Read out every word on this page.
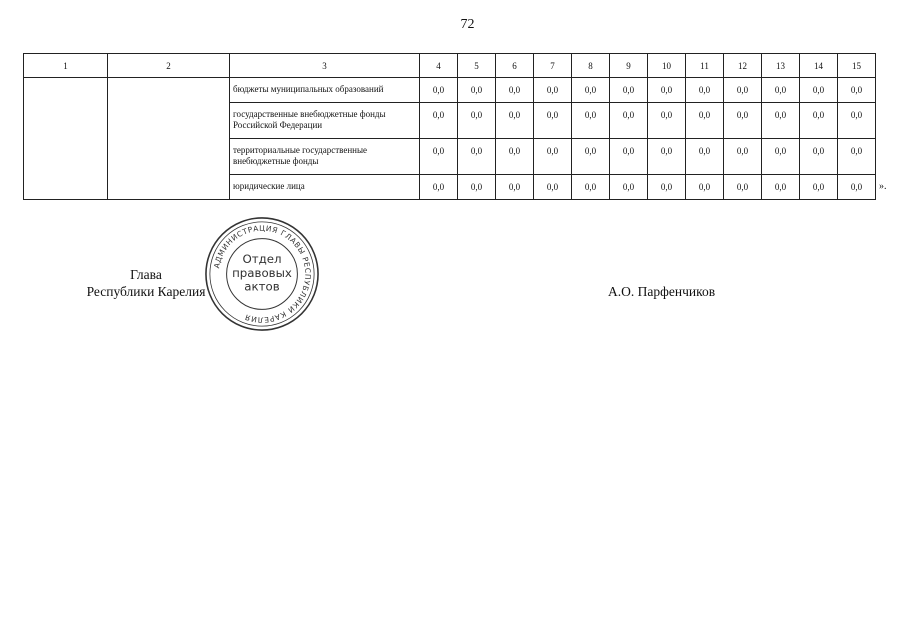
72
1	2	3	4	5	6	7	8	9	10	11	12	13	14	15
		бюджеты муниципальных образований	0,0	0,0	0,0	0,0	0,0	0,0	0,0	0,0	0,0	0,0	0,0	0,0
		государственные внебюджетные фонды Российской Федерации	0,0	0,0	0,0	0,0	0,0	0,0	0,0	0,0	0,0	0,0	0,0	0,0
		территориальные государственные внебюджетные фонды	0,0	0,0	0,0	0,0	0,0	0,0	0,0	0,0	0,0	0,0	0,0	0,0
		юридические лица	0,0	0,0	0,0	0,0	0,0	0,0	0,0	0,0	0,0	0,0	0,0	0,0 ».
Глава
Республики Карелия
АДМИНИСТРАЦИЯ ГЛАВЫ РЕСПУБЛИКИ КАРЕЛИЯ
Отдел
правовых
актов	А.О. Парфенчиков
